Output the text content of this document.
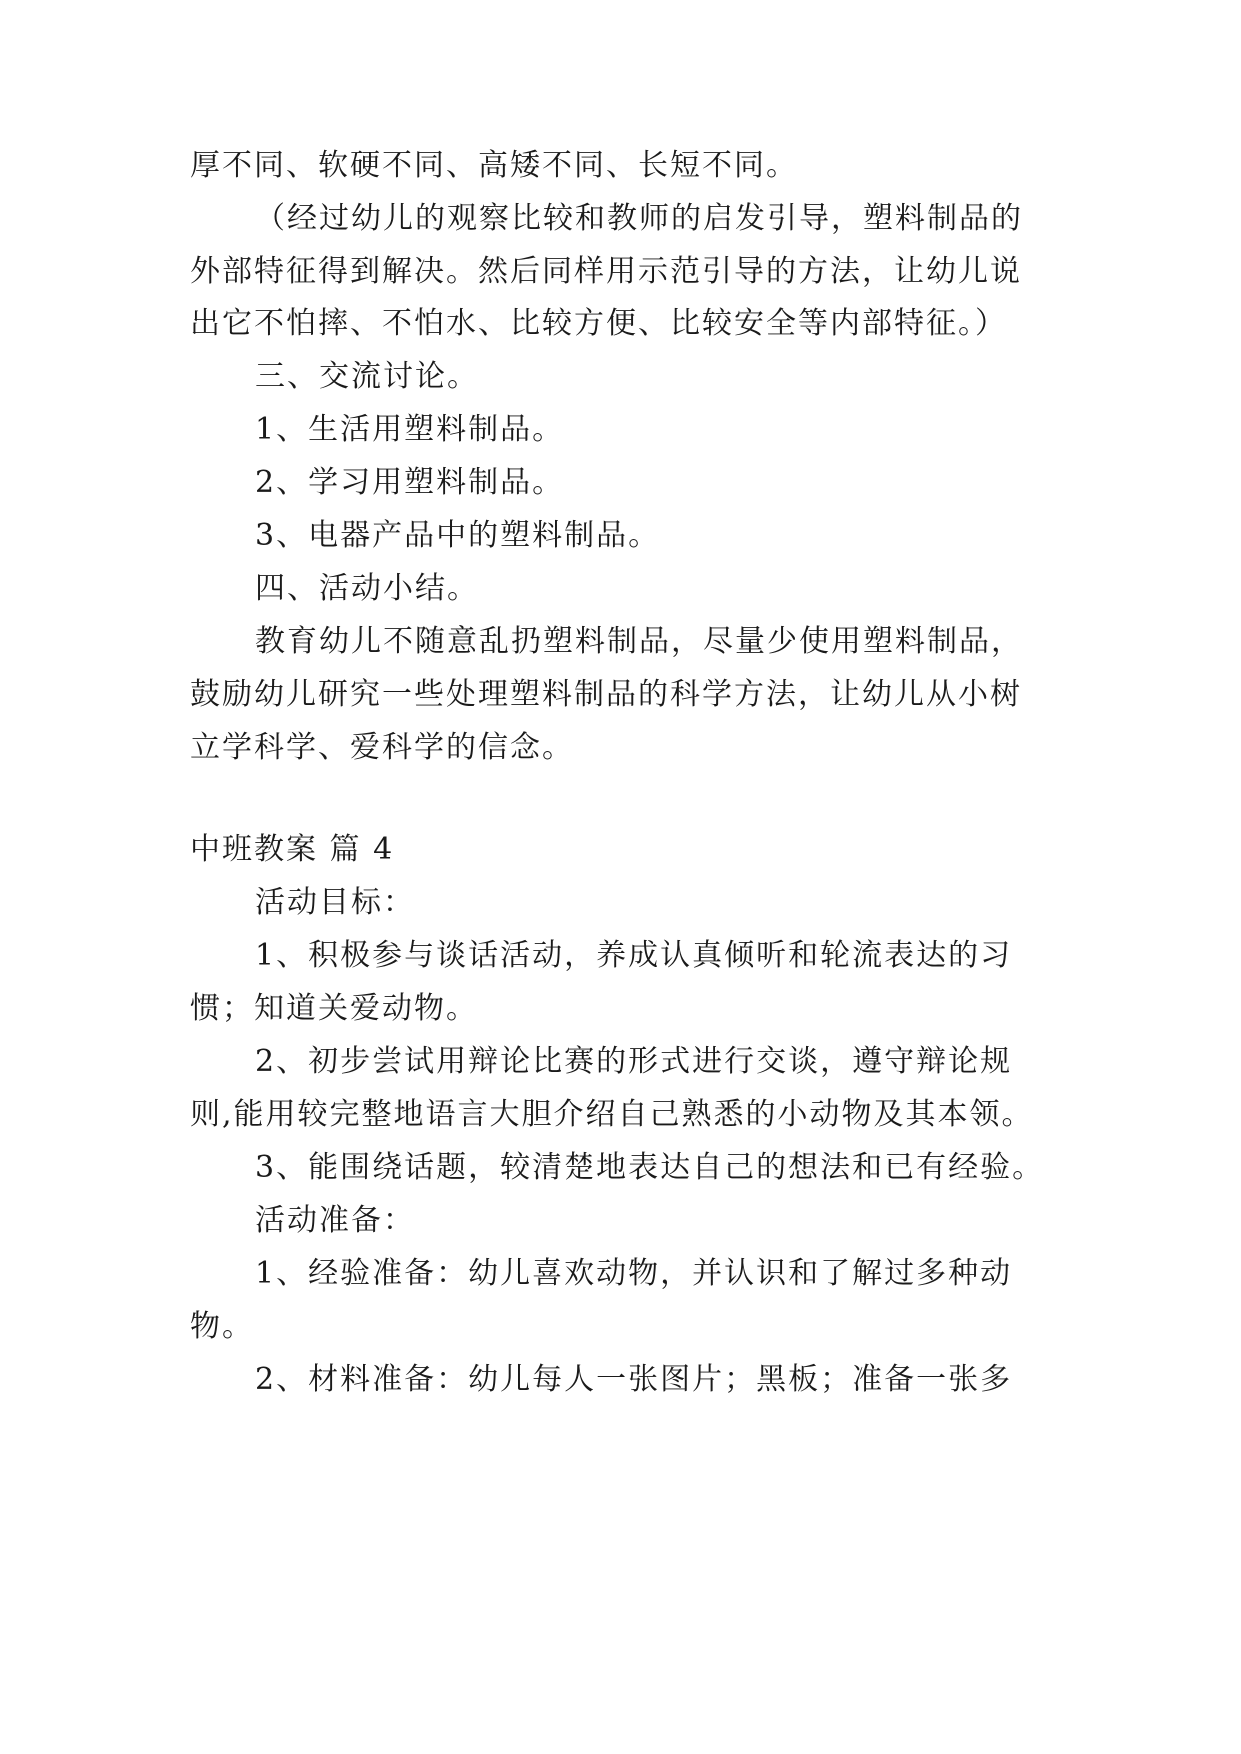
厚不同、软硬不同、高矮不同、长短不同。

（经过幼儿的观察比较和教师的启发引导，塑料制品的

外部特征得到解决。然后同样用示范引导的方法，让幼儿说

出它不怕摔、不怕水、比较方便、比较安全等内部特征。）

三、交流讨论。

1、生活用塑料制品。

2、学习用塑料制品。

3、电器产品中的塑料制品。

四、活动小结。

教育幼儿不随意乱扔塑料制品，尽量少使用塑料制品，

鼓励幼儿研究一些处理塑料制品的科学方法，让幼儿从小树

立学科学、爱科学的信念。

中班教案 篇 4

活动目标：

1、积极参与谈话活动，养成认真倾听和轮流表达的习

惯；知道关爱动物。

2、初步尝试用辩论比赛的形式进行交谈，遵守辩论规

则,能用较完整地语言大胆介绍自己熟悉的小动物及其本领。

3、能围绕话题，较清楚地表达自己的想法和已有经验。

活动准备：

1、经验准备：幼儿喜欢动物，并认识和了解过多种动

物。

2、材料准备：幼儿每人一张图片；黑板；准备一张多
